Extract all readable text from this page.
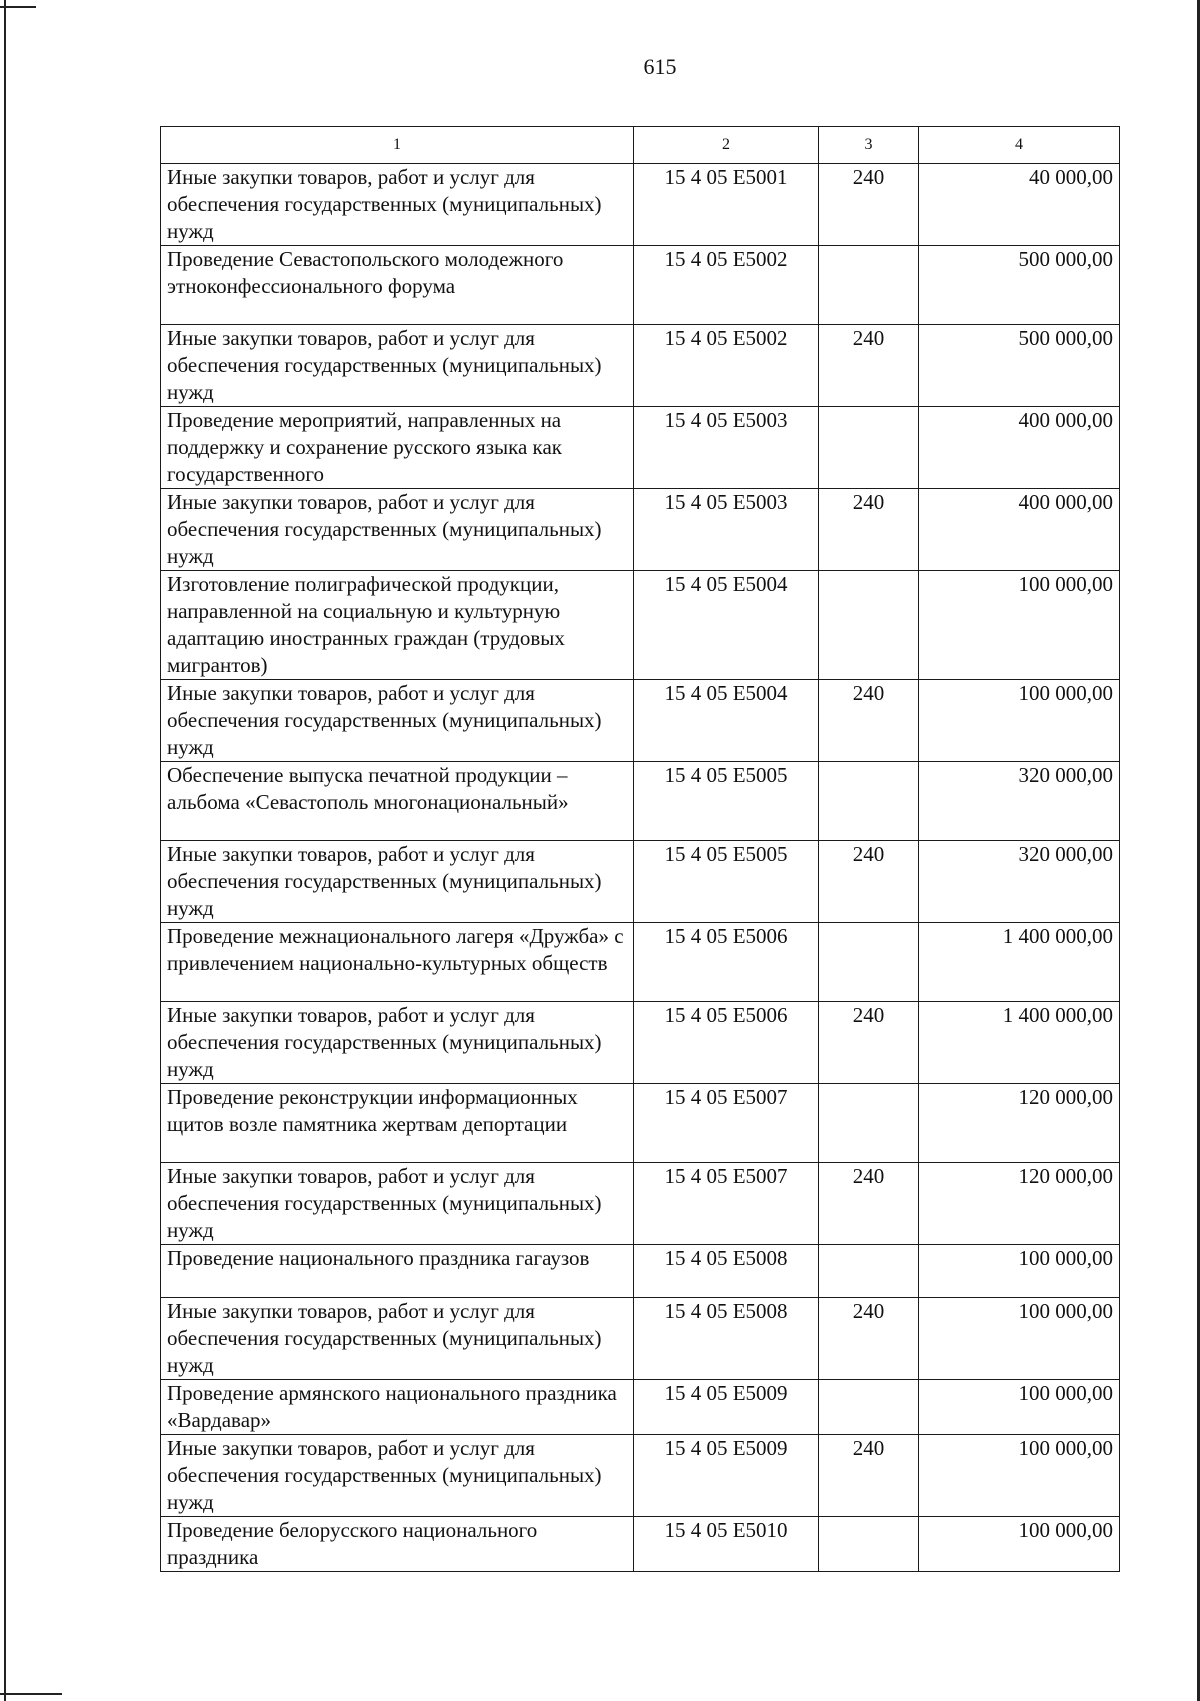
615
1	2	3	4
Иные закупки товаров, работ и услуг для обеспечения государственных (муниципальных) нужд	15 4 05 Е5001	240	40 000,00
Проведение Севастопольского молодежного этноконфессионального форума	15 4 05 Е5002		500 000,00
Иные закупки товаров, работ и услуг для обеспечения государственных (муниципальных) нужд	15 4 05 Е5002	240	500 000,00
Проведение мероприятий, направленных на поддержку и сохранение русского языка как государственного	15 4 05 Е5003		400 000,00
Иные закупки товаров, работ и услуг для обеспечения государственных (муниципальных) нужд	15 4 05 Е5003	240	400 000,00
Изготовление полиграфической продукции, направленной на социальную и культурную адаптацию иностранных граждан (трудовых мигрантов)	15 4 05 Е5004		100 000,00
Иные закупки товаров, работ и услуг для обеспечения государственных (муниципальных) нужд	15 4 05 Е5004	240	100 000,00
Обеспечение выпуска печатной продукции – альбома «Севастополь многонациональный»	15 4 05 Е5005		320 000,00
Иные закупки товаров, работ и услуг для обеспечения государственных (муниципальных) нужд	15 4 05 Е5005	240	320 000,00
Проведение межнационального лагеря «Дружба» с привлечением национально-культурных обществ	15 4 05 Е5006		1 400 000,00
Иные закупки товаров, работ и услуг для обеспечения государственных (муниципальных) нужд	15 4 05 Е5006	240	1 400 000,00
Проведение реконструкции информационных щитов возле памятника жертвам депортации	15 4 05 Е5007		120 000,00
Иные закупки товаров, работ и услуг для обеспечения государственных (муниципальных) нужд	15 4 05 Е5007	240	120 000,00
Проведение национального праздника гагаузов	15 4 05 Е5008		100 000,00
Иные закупки товаров, работ и услуг для обеспечения государственных (муниципальных) нужд	15 4 05 Е5008	240	100 000,00
Проведение армянского национального праздника «Вардавар»	15 4 05 Е5009		100 000,00
Иные закупки товаров, работ и услуг для обеспечения государственных (муниципальных) нужд	15 4 05 Е5009	240	100 000,00
Проведение белорусского национального праздника	15 4 05 Е5010		100 000,00
